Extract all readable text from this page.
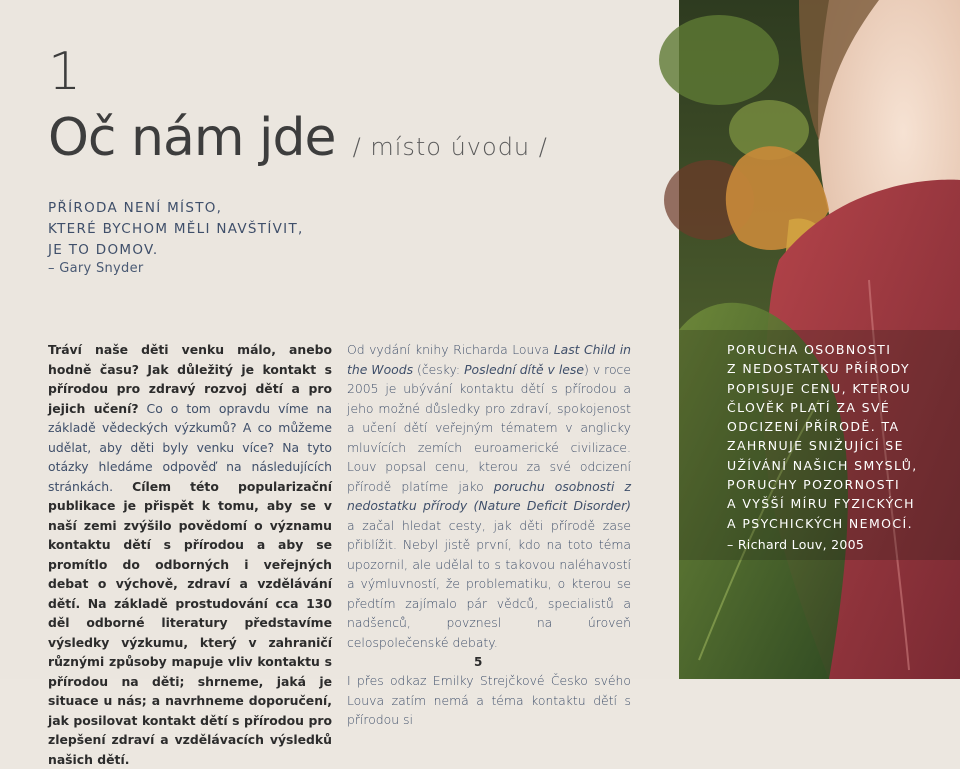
1
Oč nám jde / místo úvodu /
PŘÍRODA NENÍ MÍSTO,
KTERÉ BYCHOM MĚLI NAVŠTÍVIT,
JE TO DOMOV.
– Gary Snyder
Tráví naše děti venku málo, anebo hodně času? Jak důležitý je kontakt s přírodou pro zdravý rozvoj dětí a pro jejich učení? Co o tom opravdu víme na základě vědeckých výzkumů? A co můžeme udělat, aby děti byly venku více? Na tyto otázky hledáme odpověď na následujících stránkách. Cílem této popularizační publikace je přispět k tomu, aby se v naší zemi zvýšilo povědomí o významu kontaktu dětí s přírodou a aby se promítlo do odborných i veřejných debat o výchově, zdraví a vzdělávání dětí. Na základě prostudování cca 130 děl odborné literatury představíme výsledky výzkumu, který v zahraničí různými způsoby mapuje vliv kontaktu s přírodou na děti; shrneme, jaká je situace u nás; a navrhneme doporučení, jak posilovat kontakt dětí s přírodou pro zlepšení zdraví a vzdělávacích výsledků našich dětí.

Od vydání knihy Richarda Louva Last Child in the Woods (česky: Poslední dítě v lese) v roce 2005 je ubývání kontaktu dětí s přírodou a jeho možné důsledky pro zdraví, spokojenost a učení dětí veřejným tématem v anglicky mluvících zemích euroamerické civilizace. Louv popsal cenu, kterou za své odcizení přírodě platíme jako poruchu osobnosti z nedostatku přírody (Nature Deficit Disorder) a začal hledat cesty, jak děti přírodě zase přiblížit. Nebyl jistě první, kdo na toto téma upozornil, ale udělal to s takovou naléhavostí a výmluvností, že problematiku, o kterou se předtím zajímalo pár vědců, specialistů a nadšenců, povznesl na úroveň celospolečenské debaty.

I přes odkaz Emilky Strejčkové Česko svého Louva zatím nemá a téma kontaktu dětí s přírodou si

5
PORUCHA OSOBNOSTI
Z NEDOSTATKU PŘÍRODY
POPISUJE CENU, KTEROU
ČLOVĚK PLATÍ ZA SVÉ
ODCIZENÍ PŘÍRODĚ. TA
ZAHRNUJE SNIŽUJÍCÍ SE
UŽÍVÁNÍ NAŠICH SMYSLŮ,
PORUCHY POZORNOSTI
A VYŠŠÍ MÍRU FYZICKÝCH
A PSYCHICKÝCH NEMOCÍ.
– Richard Louv, 2005
